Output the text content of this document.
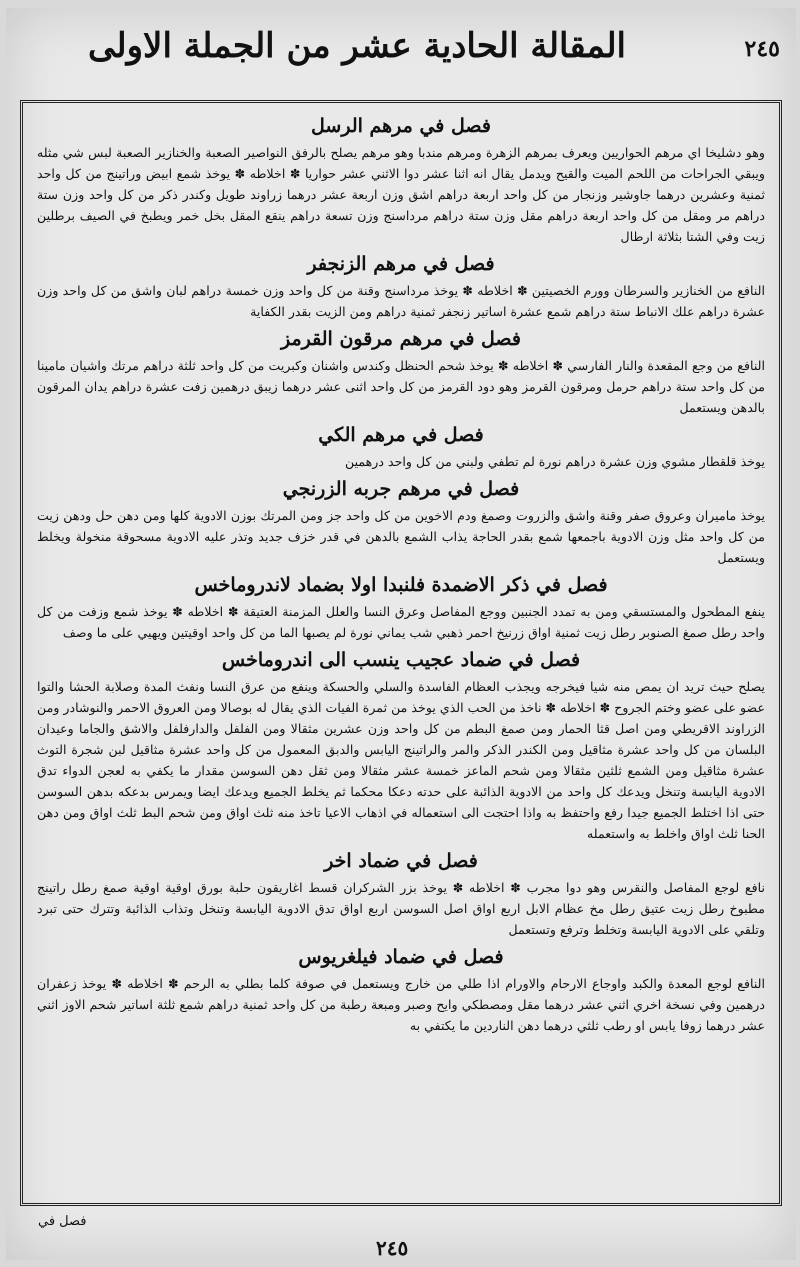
المقالة الحادية عشر من الجملة الاولى	٢٤٥
فصل في مرهم الرسل

وهو دشليخا اي مرهم الحواريين ويعرف بمرهم الزهرة ومرهم مندبا وهو مرهم يصلح بالرفق النواصير الصعبة والخنازير الصعبة لبس شي مثله ويبقي الجراحات من اللحم الميت والقيح ويدمل يقال انه اثنا عشر دوا الاثني عشر حواريا ✽ اخلاطه ✽ يوخذ شمع ابيض وراتينج من كل واحد ثمنية وعشرين درهما جاوشير وزنجار من كل واحد اربعة دراهم اشق وزن اربعة عشر درهما زراوند طويل وكندر ذكر من كل واحد وزن ستة دراهم مر ومقل من كل واحد اربعة دراهم مقل وزن ستة دراهم مرداسنج وزن تسعة دراهم ينقع المقل بخل خمر ويطبخ في الصيف برطلين زيت وفي الشتا بثلاثة ارطال

فصل في مرهم الزنجفر

النافع من الخنازير والسرطان وورم الخصيتين ✽ اخلاطه ✽ يوخذ مرداسنج وقنة من كل واحد وزن خمسة دراهم لبان واشق من كل واحد وزن عشرة دراهم علك الانباط ستة دراهم شمع عشرة اساتير زنجفر ثمنية دراهم ومن الزيت بقدر الكفاية

فصل في مرهم مرقون القرمز

النافع من وجع المقعدة والنار الفارسي ✽ اخلاطه ✽ يوخذ شحم الحنظل وكندس واشنان وكبريت من كل واحد ثلثة دراهم مرتك واشيان مامينا من كل واحد ستة دراهم حرمل ومرقون القرمز وهو دود القرمز من كل واحد اثنى عشر درهما زيبق درهمين زفت عشرة دراهم يدان المرقون بالدهن ويستعمل

فصل في مرهم الكي

يوخذ قلقطار مشوي وزن عشرة دراهم نورة لم تطفي ولبني من كل واحد درهمين

فصل في مرهم جربه الزرنجي

يوخذ ماميران وعروق صفر وقنة واشق والزروت وصمغ ودم الاخوين من كل واحد جز ومن المرتك بوزن الادوية كلها ومن دهن حل ودهن زيت من كل واحد مثل وزن الادوية باجمعها شمع بقدر الحاجة يذاب الشمع بالدهن في قدر خزف جديد وتذر عليه الادوية مسحوقة منخولة ويخلط ويستعمل

فصل في ذكر الاضمدة فلنبدا اولا بضماد لاندروماخس

ينفع المطحول والمستسقي ومن به تمدد الجنبين ووجع المفاصل وعرق النسا والعلل المزمنة العتيقة ✽ اخلاطه ✽ يوخذ شمع وزفت من كل واحد رطل صمغ الصنوبر رطل زيت ثمنية اواق زرنيخ احمر ذهبي شب يماني نورة لم يصبها الما من كل واحد اوقيتين ويهيي على ما وصف

فصل في ضماد عجيب ينسب الى اندروماخس

يصلح حيث تريد ان يمص منه شيا فيخرجه ويجذب العظام الفاسدة والسلي والحسكة وينفع من عرق النسا ونفث المدة وصلابة الحشا والتوا عضو على عضو وختم الجروح ✽ اخلاطه ✽ ناخذ من الحب الذي يوخذ من ثمرة الفيات الذي يقال له بوصالا ومن العروق الاحمر والنوشادر ومن الزراوند الاقريطي ومن اصل قثا الحمار ومن صمغ البطم من كل واحد وزن عشرين مثقالا ومن الفلفل والدارفلفل والاشق والجاما وعيدان البلسان من كل واحد عشرة مثاقيل ومن الكندر الذكر والمر والراتينج اليابس والدبق المعمول من كل واحد عشرة مثاقيل لبن شجرة التوث عشرة مثاقيل ومن الشمع ثلثين مثقالا ومن شحم الماعز خمسة عشر مثقالا ومن ثقل دهن السوسن مقدار ما يكفي به لعجن الدواء تدق الادوية اليابسة وتنخل ويدعك كل واحد من الادوية الذائبة على حدته دعكا محكما ثم يخلط الجميع ويدعك ايضا ويمرس بدعكه بدهن السوسن حتى اذا اختلط الجميع جيدا رفع واحتفظ به واذا احتجت الى استعماله في اذهاب الاعيا تاخذ منه ثلث اواق ومن شحم البط ثلث اواق ومن دهن الحنا ثلث اواق واخلط به واستعمله

فصل في ضماد اخر

نافع لوجع المفاصل والنقرس وهو دوا مجرب ✽ اخلاطه ✽ يوخذ بزر الشركران قسط اغاريقون حلبة بورق اوقية اوقية صمغ رطل راتينج مطبوخ رطل زيت عتيق رطل مخ عظام الابل اربع اواق اصل السوسن اربع اواق تدق الادوية اليابسة وتنخل وتذاب الذائبة وتترك حتى تبرد وتلقي على الادوية اليابسة وتخلط وترفع وتستعمل

فصل في ضماد فيلغريوس

النافع لوجع المعدة والكبد واوجاع الارحام والاورام اذا طلي من خارج ويستعمل في صوفة كلما بطلي به الرحم ✽ اخلاطه ✽ يوخذ زعفران درهمين وفي نسخة اخري اثني عشر درهما مقل ومصطكي وايح وصبر ومبعة رطبة من كل واحد ثمنية دراهم شمع ثلثة اساتير شحم الاوز اثني عشر درهما زوفا يابس او رطب ثلثي درهما دهن الناردين ما يكتفي به

فصل في
٢٤٥
